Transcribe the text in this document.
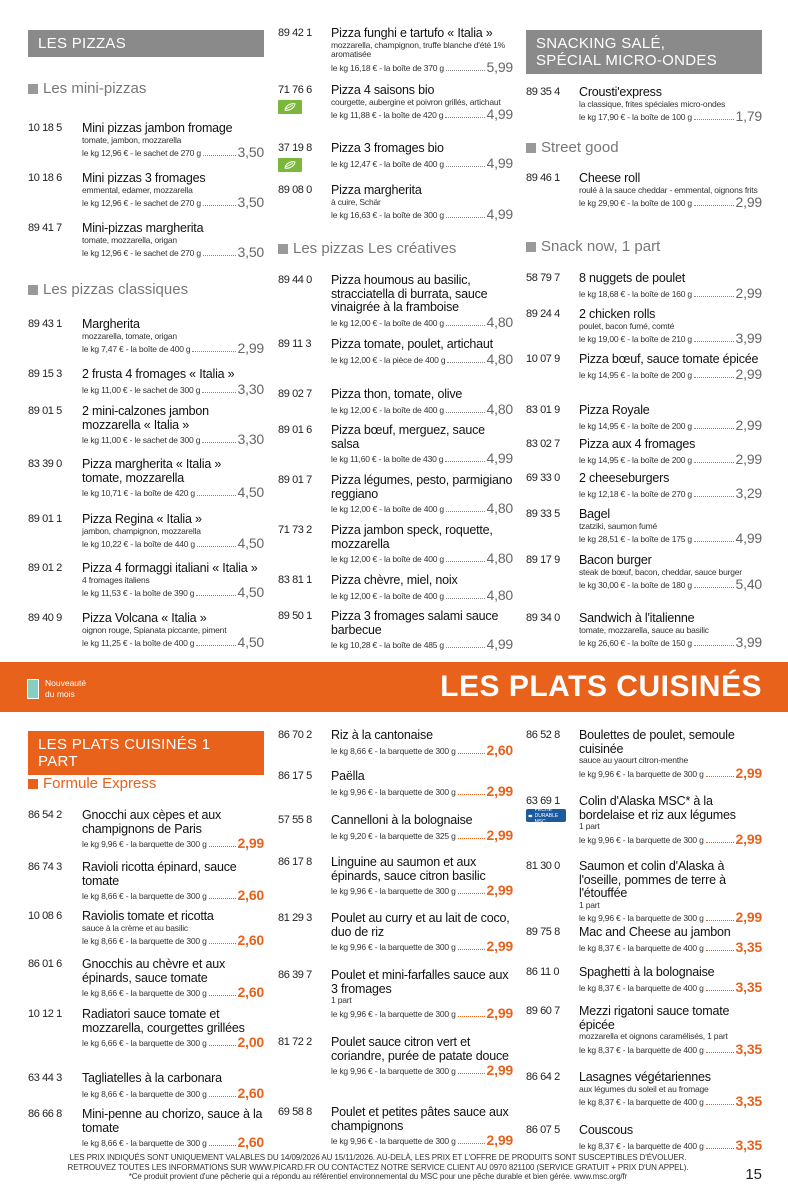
LES PIZZAS
Les mini-pizzas
10 18 5	Mini pizzas jambon fromage
tomate, jambon, mozzarella
le kg 12,96 € - le sachet de 270 g	3,50
10 18 6	Mini pizzas 3 fromages
emmental, edamer, mozzarella
le kg 12,96 € - le sachet de 270 g	3,50
89 41 7	Mini-pizzas margherita
tomate, mozzarella, origan
le kg 12,96 € - le sachet de 270 g	3,50
Les pizzas classiques
89 43 1	Margherita
mozzarella, tomate, origan
le kg 7,47 € - la boîte de 400 g	2,99
89 15 3	2 frusta 4 fromages « Italia »
le kg 11,00 € - le sachet de 300 g	3,30
89 01 5	2 mini-calzones jambon mozzarella « Italia »
le kg 11,00 € - le sachet de 300 g	3,30
83 39 0	Pizza margherita « Italia » tomate, mozzarella
le kg 10,71 € - la boîte de 420 g	4,50
89 01 1	Pizza Regina « Italia »
jambon, champignon, mozzarella
le kg 10,22 € - la boîte de 440 g	4,50
89 01 2	Pizza 4 formaggi italiani « Italia »
4 fromages italiens
le kg 11,53 € - la boîte de 390 g	4,50
89 40 9	Pizza Volcana « Italia »
oignon rouge, Spianata piccante, piment
le kg 11,25 € - la boîte de 400 g	4,50
89 42 1	Pizza funghi e tartufo « Italia »
mozzarella, champignon, truffe blanche d'été 1% aromatisée
le kg 16,18 € - la boîte de 370 g	5,99
71 76 6	Pizza 4 saisons bio
courgette, aubergine et poivron grillés, artichaut
le kg 11,88 € - la boîte de 420 g	4,99
37 19 8	Pizza 3 fromages bio
le kg 12,47 € - la boîte de 400 g	4,99
89 08 0	Pizza margherita
à cuire, Schär
le kg 16,63 € - la boîte de 300 g	4,99
Les pizzas Les créatives
89 44 0	Pizza houmous au basilic, stracciatella di burrata, sauce vinaigrée à la framboise
le kg 12,00 € - la boîte de 400 g	4,80
89 11 3	Pizza tomate, poulet, artichaut
le kg 12,00 € - la pièce de 400 g	4,80
89 02 7	Pizza thon, tomate, olive
le kg 12,00 € - la boîte de 400 g	4,80
89 01 6	Pizza bœuf, merguez, sauce salsa
le kg 11,60 € - la boîte de 430 g	4,99
89 01 7	Pizza légumes, pesto, parmigiano reggiano
le kg 12,00 € - la boîte de 400 g	4,80
71 73 2	Pizza jambon speck, roquette, mozzarella
le kg 12,00 € - la boîte de 400 g	4,80
83 81 1	Pizza chèvre, miel, noix
le kg 12,00 € - la boîte de 400 g	4,80
89 50 1	Pizza 3 fromages salami sauce barbecue
le kg 10,28 € - la boîte de 485 g	4,99
SNACKING SALÉ,
SPÉCIAL MICRO-ONDES
89 35 4	Crousti'express
la classique, frites spéciales micro-ondes
le kg 17,90 € - la boîte de 100 g	1,79
Street good
89 46 1	Cheese roll
roulé à la sauce cheddar - emmental, oignons frits
le kg 29,90 € - la boîte de 100 g	2,99
Snack now, 1 part
58 79 7	8 nuggets de poulet
le kg 18,68 € - la boîte de 160 g	2,99
89 24 4	2 chicken rolls
poulet, bacon fumé, comté
le kg 19,00 € - la boîte de 210 g	3,99
10 07 9	Pizza bœuf, sauce tomate épicée
le kg 14,95 € - la boîte de 200 g	2,99
83 01 9	Pizza Royale
le kg 14,95 € - la boîte de 200 g	2,99
83 02 7	Pizza aux 4 fromages
le kg 14,95 € - la boîte de 200 g	2,99
69 33 0	2 cheeseburgers
le kg 12,18 € - la boîte de 270 g	3,29
89 33 5	Bagel
tzatziki, saumon fumé
le kg 28,51 € - la boîte de 175 g	4,99
89 17 9	Bacon burger
steak de bœuf, bacon, cheddar, sauce burger
le kg 30,00 € - la boîte de 180 g	5,40
89 34 0	Sandwich à l'italienne
tomate, mozzarella, sauce au basilic
le kg 26,60 € - la boîte de 150 g	3,99
Nouveauté
du mois	LES PLATS CUISINÉS
LES PLATS CUISINÉS 1 PART
Formule Express
86 54 2	Gnocchi aux cèpes et aux champignons de Paris
le kg 9,96 € - la barquette de 300 g 2,99
86 74 3	Ravioli ricotta épinard, sauce tomate
le kg 8,66 € - la barquette de 300 g 2,60
10 08 6	Raviolis tomate et ricotta
sauce à la crème et au basilic
le kg 8,66 € - la barquette de 300 g 2,60
86 01 6	Gnocchis au chèvre et aux épinards, sauce tomate
le kg 8,66 € - la barquette de 300 g 2,60
10 12 1	Radiatori sauce tomate et mozzarella, courgettes grillées
le kg 6,66 € - la barquette de 300 g 2,00
63 44 3	Tagliatelles à la carbonara
le kg 8,66 € - la barquette de 300 g 2,60
86 66 8	Mini-penne au chorizo, sauce à la tomate
le kg 8,66 € - la barquette de 300 g 2,60
86 70 2	Riz à la cantonaise
le kg 8,66 € - la barquette de 300 g 2,60
86 17 5	Paëlla
le kg 9,96 € - la barquette de 300 g 2,99
57 55 8	Cannelloni à la bolognaise
le kg 9,20 € - la barquette de 325 g 2,99
86 17 8	Linguine au saumon et aux épinards, sauce citron basilic
le kg 9,96 € - la barquette de 300 g 2,99
81 29 3	Poulet au curry et au lait de coco, duo de riz
le kg 9,96 € - la barquette de 300 g 2,99
86 39 7	Poulet et mini-farfalles sauce aux 3 fromages
1 part
le kg 9,96 € - la barquette de 300 g 2,99
81 72 2	Poulet sauce citron vert et coriandre, purée de patate douce
le kg 9,96 € - la barquette de 300 g 2,99
69 58 8	Poulet et petites pâtes sauce aux champignons
le kg 9,96 € - la barquette de 300 g 2,99
86 52 8	Boulettes de poulet, semoule cuisinée
sauce au yaourt citron-menthe
le kg 9,96 € - la barquette de 300 g 2,99
63 69 1
PÊCHE DURABLE MSC
Colin d'Alaska MSC* à la bordelaise et riz aux légumes
1 part
le kg 9,96 € - la barquette de 300 g 2,99
81 30 0	Saumon et colin d'Alaska à l'oseille, pommes de terre à l'étouffée
1 part
le kg 9,96 € - la barquette de 300 g 2,99
89 75 8	Mac and Cheese au jambon
le kg 8,37 € - la barquette de 400 g 3,35
86 11 0	Spaghetti à la bolognaise
le kg 8,37 € - la barquette de 400 g 3,35
89 60 7	Mezzi rigatoni sauce tomate épicée
mozzarella et oignons caramélisés, 1 part
le kg 8,37 € - la barquette de 400 g 3,35
86 64 2	Lasagnes végétariennes
aux légumes du soleil et au fromage
le kg 8,37 € - la barquette de 400 g 3,35
86 07 5	Couscous
le kg 8,37 € - la barquette de 400 g 3,35
LES PRIX INDIQUÉS SONT UNIQUEMENT VALABLES DU 14/09/2026 AU 15/11/2026. AU-DELÀ, LES PRIX ET L'OFFRE DE PRODUITS SONT SUSCEPTIBLES D'ÉVOLUER.
RETROUVEZ TOUTES LES INFORMATIONS SUR WWW.PICARD.FR OU CONTACTEZ NOTRE SERVICE CLIENT AU 0970 821100 (SERVICE GRATUIT + PRIX D'UN APPEL).
*Ce produit provient d'une pêcherie qui a répondu au référentiel environnemental du MSC pour une pêche durable et bien gérée. www.msc.org/fr	15
